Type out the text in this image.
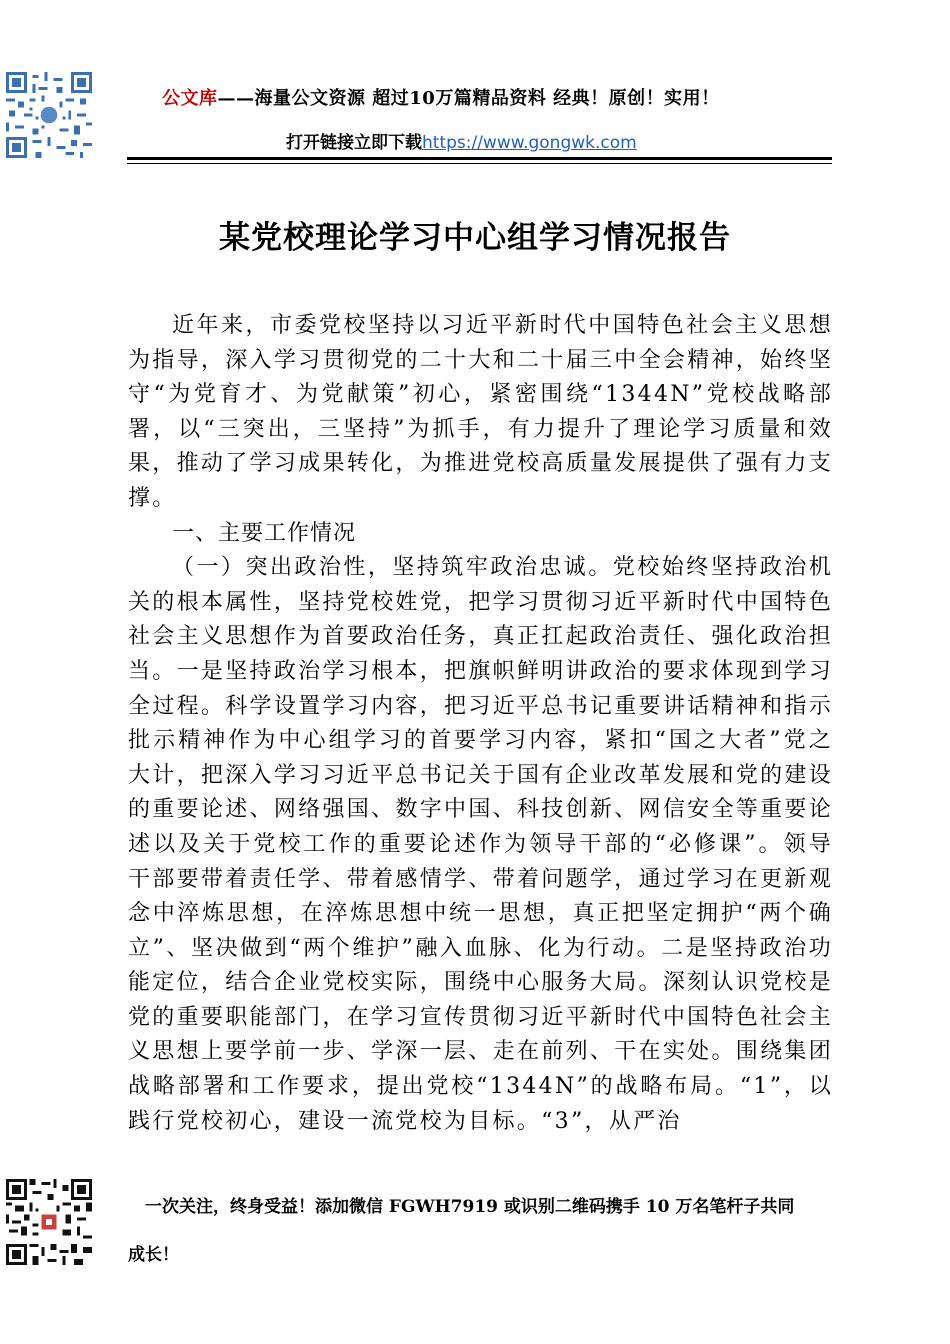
公文库——海量公文资源 超过10万篇精品资料 经典！原创！实用！
打开链接立即下载https://www.gongwk.com
某党校理论学习中心组学习情况报告

近年来，市委党校坚持以习近平新时代中国特色社会主义思想为指导，深入学习贯彻党的二十大和二十届三中全会精神，始终坚守“为党育才、为党献策”初心，紧密围绕“1344N”党校战略部署，以“三突出，三坚持”为抓手，有力提升了理论学习质量和效果，推动了学习成果转化，为推进党校高质量发展提供了强有力支撑。

一、主要工作情况

（一）突出政治性，坚持筑牢政治忠诚。党校始终坚持政治机关的根本属性，坚持党校姓党，把学习贯彻习近平新时代中国特色社会主义思想作为首要政治任务，真正扛起政治责任、强化政治担当。一是坚持政治学习根本，把旗帜鲜明讲政治的要求体现到学习全过程。科学设置学习内容，把习近平总书记重要讲话精神和指示批示精神作为中心组学习的首要学习内容，紧扣“国之大者”党之大计，把深入学习习近平总书记关于国有企业改革发展和党的建设的重要论述、网络强国、数字中国、科技创新、网信安全等重要论述以及关于党校工作的重要论述作为领导干部的“必修课”。领导干部要带着责任学、带着感情学、带着问题学，通过学习在更新观念中淬炼思想，在淬炼思想中统一思想，真正把坚定拥护“两个确立”、坚决做到“两个维护”融入血脉、化为行动。二是坚持政治功能定位，结合企业党校实际，围绕中心服务大局。深刻认识党校是党的重要职能部门，在学习宣传贯彻习近平新时代中国特色社会主义思想上要学前一步、学深一层、走在前列、干在实处。围绕集团战略部署和工作要求，提出党校“1344N”的战略布局。“1”，以践行党校初心，建设一流党校为目标。“3”，从严治

一次关注，终身受益！添加微信 FGWH7919 或识别二维码携手 10 万名笔杆子共同
成长！
